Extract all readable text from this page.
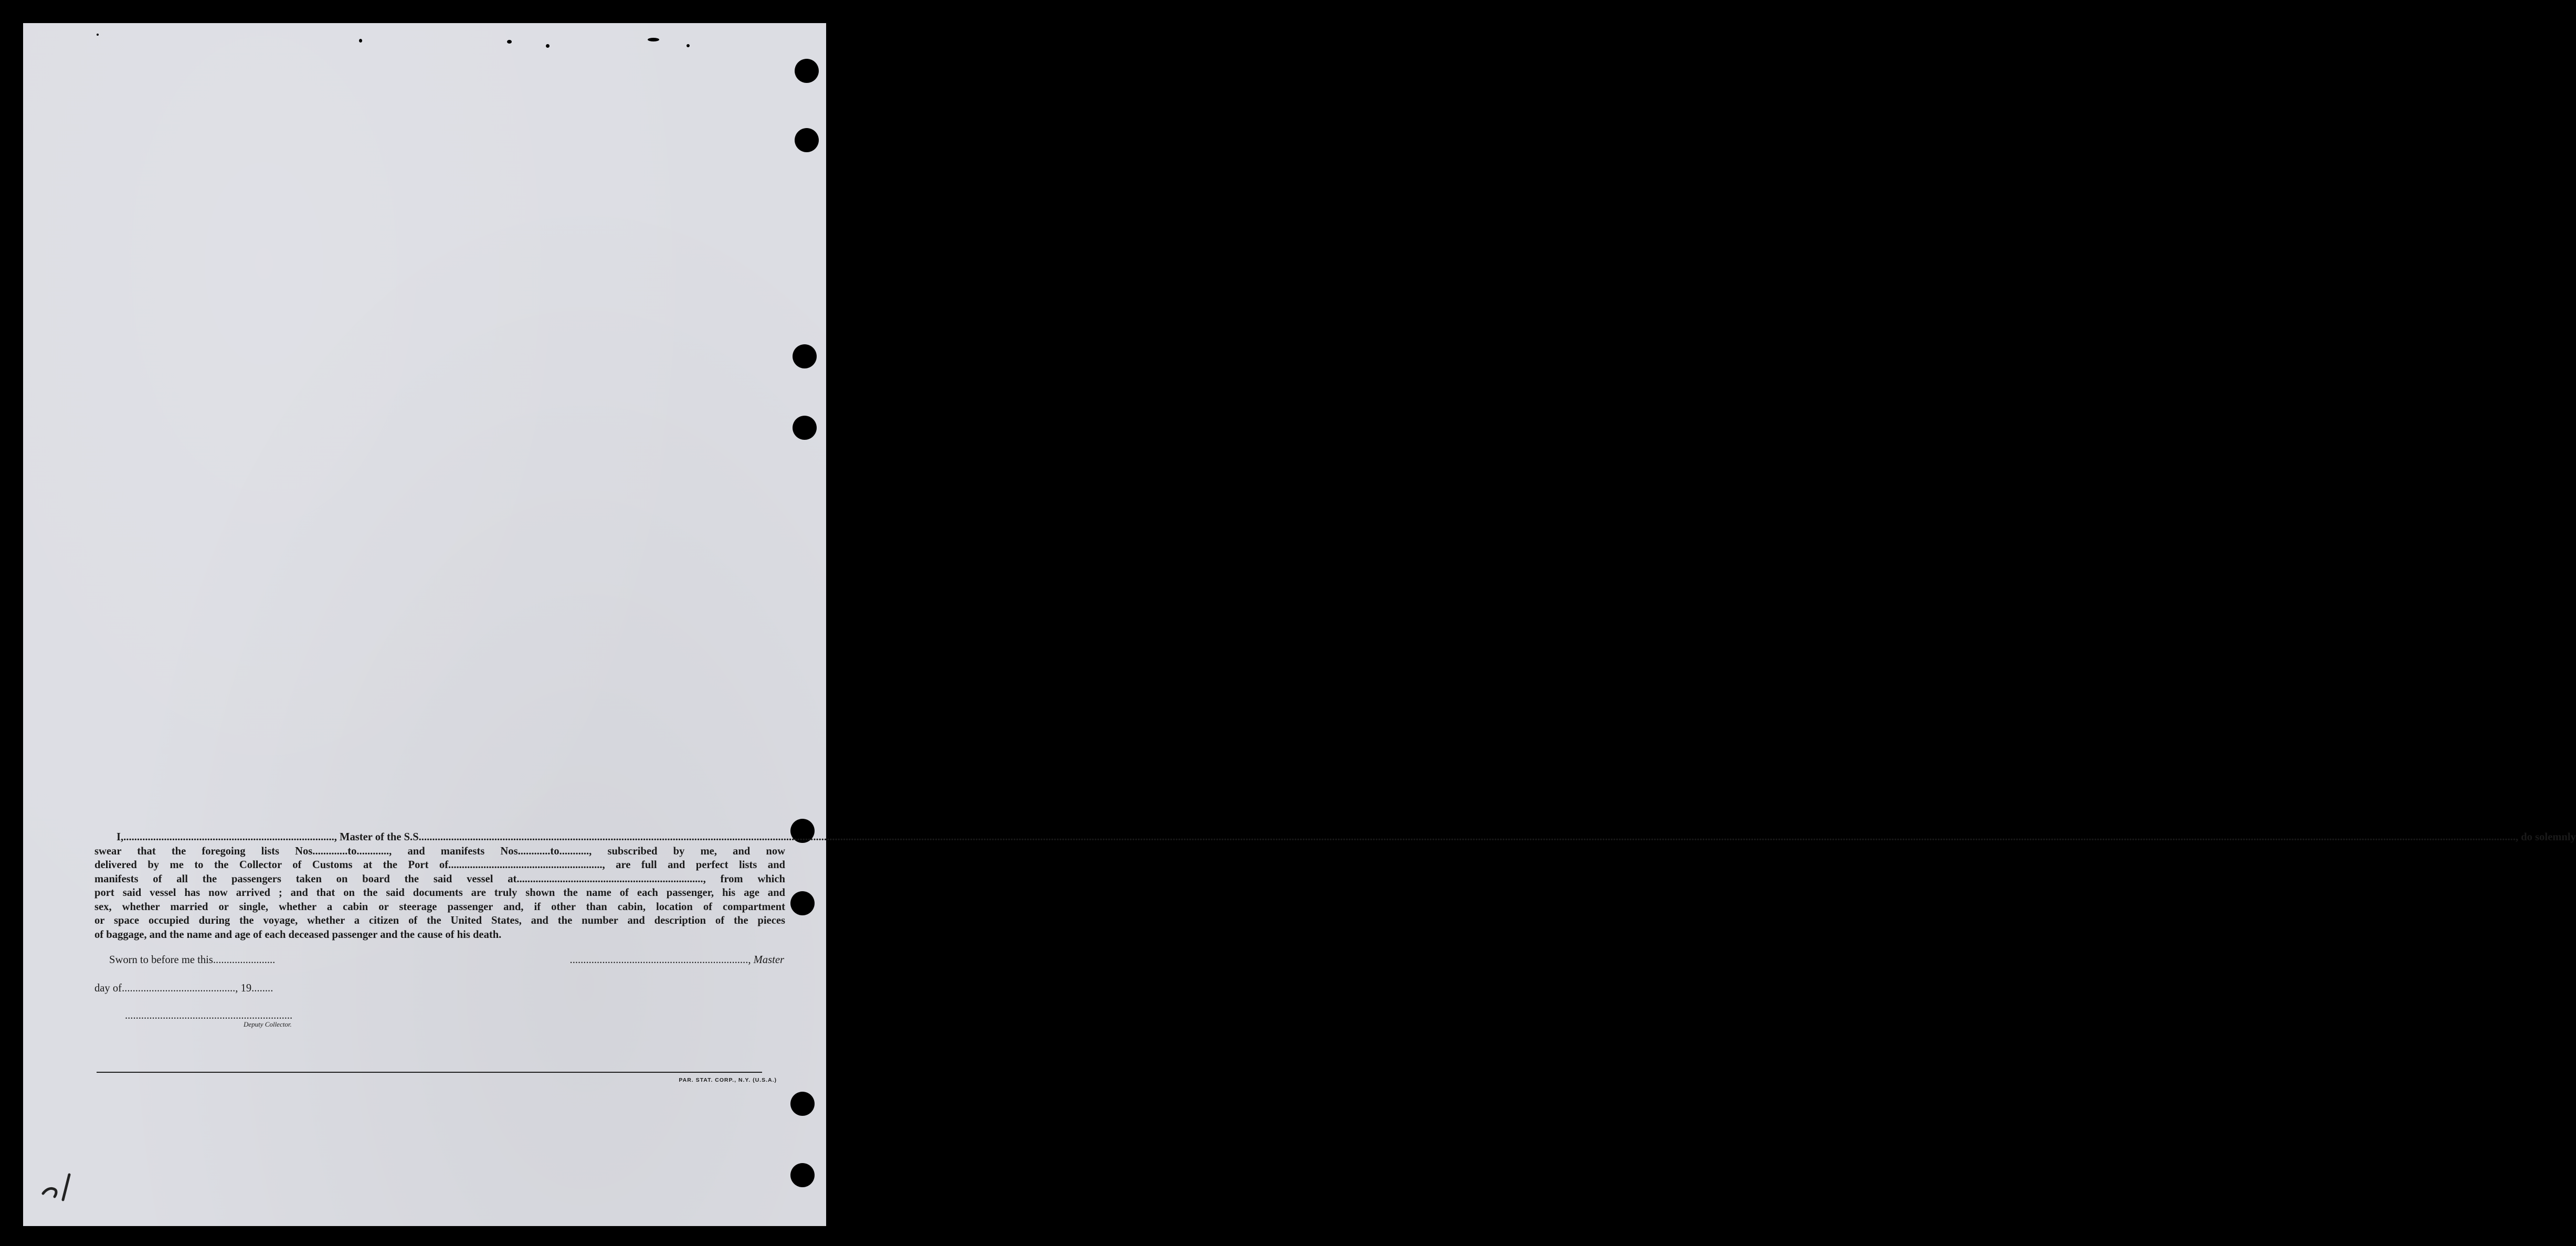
I,.............................................................................., Master of the S.S........................................................................................................................................................................................................................................................................................................................................................................................................................................................................................................................................................................................................................................................................................................................................................................................................, do solemnly
swear that the foregoing lists Nos.............to............, and manifests Nos............to..........., subscribed by me, and now
delivered by me to the Collector of Customs at the Port of........................................................., are full and perfect lists and
manifests of all the passengers taken on board the said vessel at....................................................................., from which
port said vessel has now arrived ; and that on the said documents are truly shown the name of each passenger, his age and
sex, whether married or single, whether a cabin or steerage passenger and, if other than cabin, location of compartment
or space occupied during the voyage, whether a citizen of the United States, and the number and description of the pieces
of baggage, and the name and age of each deceased passenger and the cause of his death.
Sworn to before me this.......................	.................................................................., Master
day of.........................................., 19........
..............................................................
Deputy Collector.
PAR. STAT. CORP., N.Y. (U.S.A.)
